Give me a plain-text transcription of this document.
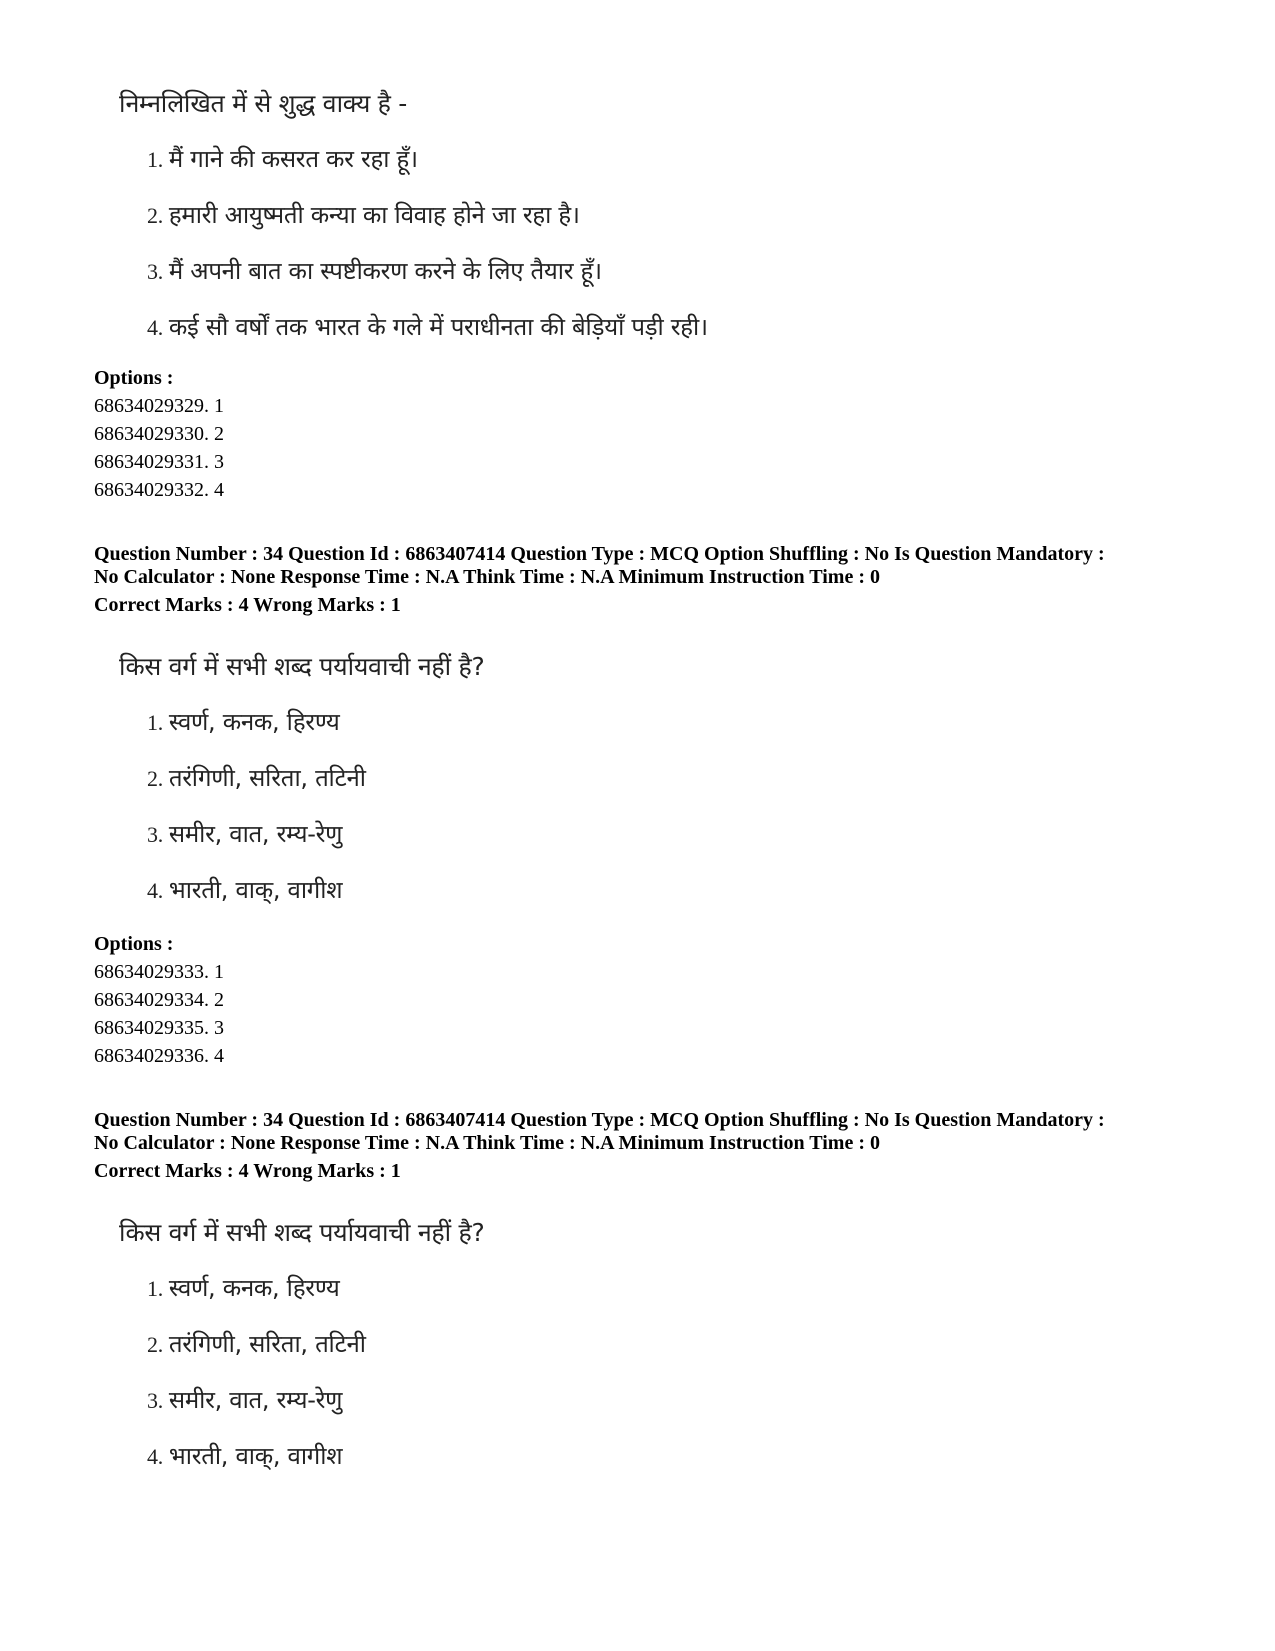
निम्नलिखित में से शुद्ध वाक्य है -
1. मैं गाने की कसरत कर रहा हूँ।
2. हमारी आयुष्मती कन्या का विवाह होने जा रहा है।
3. मैं अपनी बात का स्पष्टीकरण करने के लिए तैयार हूँ।
4. कई सौ वर्षों तक भारत के गले में पराधीनता की बेड़ियाँ पड़ी रही।
Options :
68634029329. 1
68634029330. 2
68634029331. 3
68634029332. 4
Question Number : 34 Question Id : 6863407414 Question Type : MCQ Option Shuffling : No Is Question Mandatory :
No Calculator : None Response Time : N.A Think Time : N.A Minimum Instruction Time : 0
Correct Marks : 4 Wrong Marks : 1
किस वर्ग में सभी शब्द पर्यायवाची नहीं है?
1. स्वर्ण, कनक, हिरण्य
2. तरंगिणी, सरिता, तटिनी
3. समीर, वात, रम्य-रेणु
4. भारती, वाक्, वागीश
Options :
68634029333. 1
68634029334. 2
68634029335. 3
68634029336. 4
Question Number : 34 Question Id : 6863407414 Question Type : MCQ Option Shuffling : No Is Question Mandatory :
No Calculator : None Response Time : N.A Think Time : N.A Minimum Instruction Time : 0
Correct Marks : 4 Wrong Marks : 1
किस वर्ग में सभी शब्द पर्यायवाची नहीं है?
1. स्वर्ण, कनक, हिरण्य
2. तरंगिणी, सरिता, तटिनी
3. समीर, वात, रम्य-रेणु
4. भारती, वाक्, वागीश
